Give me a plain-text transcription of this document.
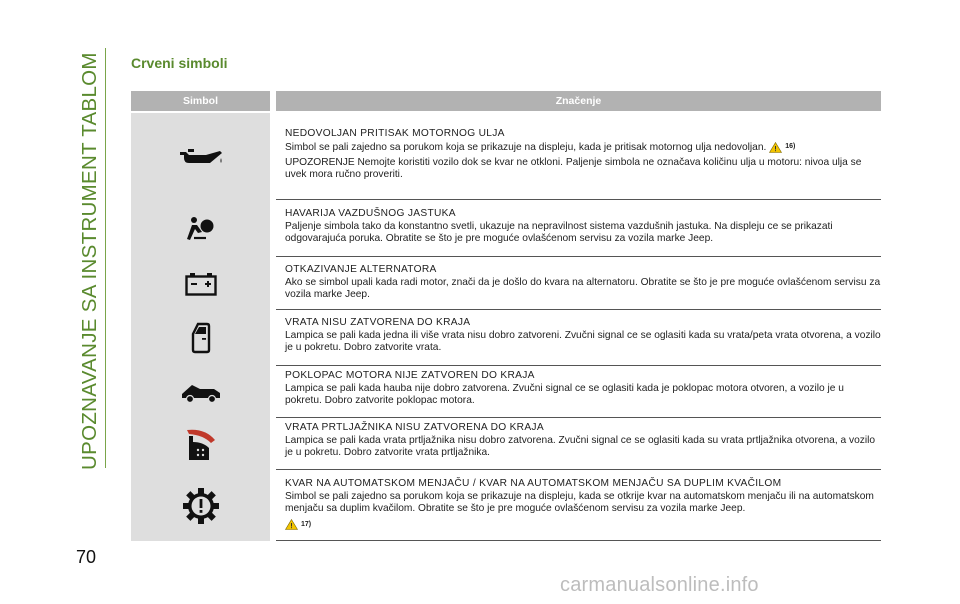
UPOZNAVANJE SA INSTRUMENT TABLOM
70
Crveni simboli
Simbol	Značenje
NEDOVOLJAN PRITISAK MOTORNOG ULJA

Simbol se pali zajedno sa porukom koja se prikazuje na displeju, kada je pritisak motornog ulja nedovoljan.	16)

UPOZORENJE Nemojte koristiti vozilo dok se kvar ne otkloni. Paljenje simbola ne označava količinu ulja u motoru: nivoa ulja se uvek mora ručno proveriti.

HAVARIJA VAZDUŠNOG JASTUKA

Paljenje simbola tako da konstantno svetli, ukazuje na nepravilnost sistema vazdušnih jastuka. Na displeju ce se prikazati odgovarajuća poruka. Obratite se što je pre moguće ovlašćenom servisu za vozila marke Jeep.

OTKAZIVANJE ALTERNATORA

Ako se simbol upali kada radi motor, znači da je došlo do kvara na alternatoru. Obratite se što je pre moguće ovlašćenom servisu za vozila marke Jeep.

VRATA NISU ZATVORENA DO KRAJA

Lampica se pali kada jedna ili više vrata nisu dobro zatvoreni. Zvučni signal ce se oglasiti kada su vrata/peta vrata otvorena, a vozilo je u pokretu. Dobro zatvorite vrata.

POKLOPAC MOTORA NIJE ZATVOREN DO KRAJA

Lampica se pali kada hauba nije dobro zatvorena. Zvučni signal ce se oglasiti kada je poklopac motora otvoren, a vozilo je u pokretu. Dobro zatvorite poklopac motora.

VRATA PRTLJAŽNIKA NISU ZATVORENA DO KRAJA

Lampica se pali kada vrata prtljažnika nisu dobro zatvorena. Zvučni signal ce se oglasiti kada su vrata prtljažnika otvorena, a vozilo je u pokretu. Dobro zatvorite vrata prtljažnika.

KVAR NA AUTOMATSKOM MENJAČU / KVAR NA AUTOMATSKOM MENJAČU SA DUPLIM KVAČILOM

Simbol se pali zajedno sa porukom koja se prikazuje na displeju, kada se otkrije kvar na automatskom menjaču ili na automatskom menjaču sa duplim kvačilom. Obratite se što je pre moguće ovlašćenom servisu za vozila marke Jeep.

17)

carmanualsonline.info
